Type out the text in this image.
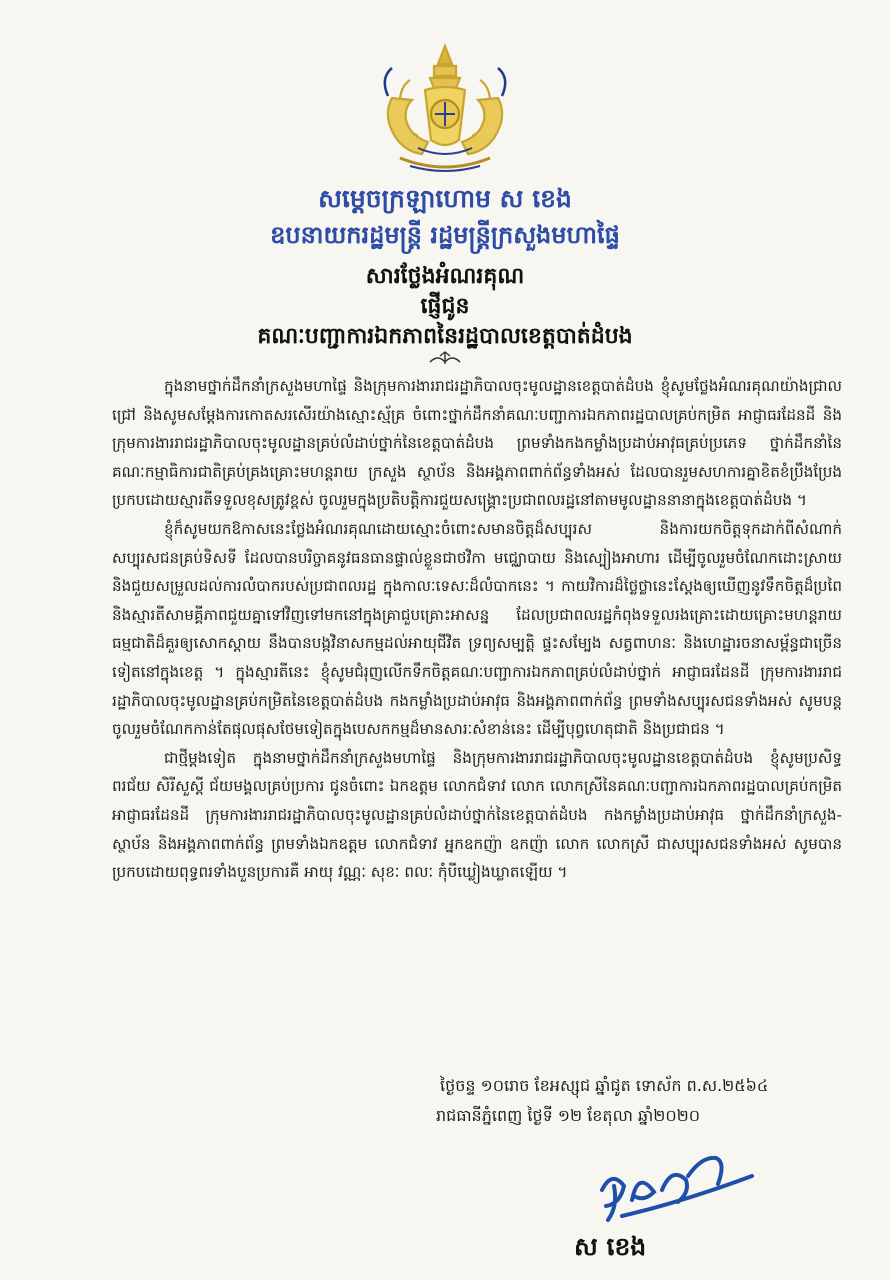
សម្តេចក្រឡាហោម ស ខេង
ឧបនាយករដ្ឋមន្ត្រី រដ្ឋមន្ត្រីក្រសួងមហាផ្ទៃ
សារថ្លែងអំណរគុណ
ផ្ញើជូន
គណៈបញ្ជាការឯកភាពនៃរដ្ឋបាលខេត្តបាត់ដំបង

ក្នុងនាមថ្នាក់ដឹកនាំក្រសួងមហាផ្ទៃ និងក្រុមការងាររាជរដ្ឋាភិបាលចុះមូលដ្ឋានខេត្តបាត់ដំបង ខ្ញុំសូមថ្លែងអំណរគុណយ៉ាងជ្រាលជ្រៅ និងសូមសម្តែងការកោតសរសើរយ៉ាងស្មោះស្ម័គ្រ ចំពោះថ្នាក់ដឹកនាំគណៈបញ្ជាការឯកភាពរដ្ឋបាលគ្រប់កម្រិត អាជ្ញាធរដែនដី និងក្រុមការងាររាជរដ្ឋាភិបាលចុះមូលដ្ឋានគ្រប់លំដាប់ថ្នាក់នៃខេត្តបាត់ដំបង ព្រមទាំងកងកម្លាំងប្រដាប់អាវុធគ្រប់ប្រភេទ ថ្នាក់ដឹកនាំនៃគណៈកម្មាធិការជាតិគ្រប់គ្រងគ្រោះមហន្តរាយ ក្រសួង ស្ថាប័ន និងអង្គភាពពាក់ព័ន្ធទាំងអស់ ដែលបានរួមសហការគ្នាខិតខំប្រឹងប្រែងប្រកបដោយស្មារតីទទួលខុសត្រូវខ្ពស់ ចូលរួមក្នុងប្រតិបត្តិការជួយសង្គ្រោះប្រជាពលរដ្ឋនៅតាមមូលដ្ឋាននានាក្នុងខេត្តបាត់ដំបង ។

ខ្ញុំក៏សូមយកឱកាសនេះថ្លែងអំណរគុណដោយស្មោះចំពោះសមានចិត្តដ៏សប្បុរស និងការយកចិត្តទុកដាក់ពីសំណាក់សប្បុរសជនគ្រប់ទិសទី ដែលបានបរិច្ចាគនូវធនធានផ្ទាល់ខ្លួនជាថវិកា មជ្ឈោបាយ និងស្បៀងអាហារ ដើម្បីចូលរួមចំណែកដោះស្រាយ និងជួយសម្រួលដល់ការលំបាករបស់ប្រជាពលរដ្ឋ ក្នុងកាលៈទេសៈដ៏លំបាកនេះ ។ កាយវិការដ៏ថ្លៃថ្លានេះស្តែងឲ្យឃើញនូវទឹកចិត្តដ៏ប្រពៃ និងស្មារតីសាមគ្គីភាពជួយគ្នាទៅវិញទៅមកនៅក្នុងគ្រាជួបគ្រោះអាសន្ន ដែលប្រជាពលរដ្ឋកំពុងទទួលរងគ្រោះដោយគ្រោះមហន្តរាយធម្មជាតិដ៏គួរឲ្យសោកស្តាយ នឹងបានបង្កវិនាសកម្មដល់អាយុជីវិត ទ្រព្យសម្បត្តិ ផ្ទះសម្បែង សត្វពាហនៈ និងហេដ្ឋារចនាសម្ព័ន្ធជាច្រើនទៀតនៅក្នុងខេត្ត ។ ក្នុងស្មារតីនេះ ខ្ញុំសូមជំរុញលើកទឹកចិត្តគណៈបញ្ជាការឯកភាពគ្រប់លំដាប់ថ្នាក់ អាជ្ញាធរដែនដី ក្រុមការងាររាជរដ្ឋាភិបាលចុះមូលដ្ឋានគ្រប់កម្រិតនៃខេត្តបាត់ដំបង កងកម្លាំងប្រដាប់អាវុធ និងអង្គភាពពាក់ព័ន្ធ ព្រមទាំងសប្បុរសជនទាំងអស់ សូមបន្តចូលរួមចំណែកកាន់តែផុលផុសថែមទៀតក្នុងបេសកកម្មដ៏មានសារៈសំខាន់នេះ ដើម្បីបុព្វហេតុជាតិ និងប្រជាជន ។

ជាថ្មីម្តងទៀត ក្នុងនាមថ្នាក់ដឹកនាំក្រសួងមហាផ្ទៃ និងក្រុមការងាររាជរដ្ឋាភិបាលចុះមូលដ្ឋានខេត្តបាត់ដំបង ខ្ញុំសូមប្រសិទ្ធពរជ័យ សិរីសួស្តី ជ័យមង្គលគ្រប់ប្រការ ជូនចំពោះ ឯកឧត្តម លោកជំទាវ លោក លោកស្រីនៃគណៈបញ្ជាការឯកភាពរដ្ឋបាលគ្រប់កម្រិត អាជ្ញាធរដែនដី ក្រុមការងាររាជរដ្ឋាភិបាលចុះមូលដ្ឋានគ្រប់លំដាប់ថ្នាក់នៃខេត្តបាត់ដំបង កងកម្លាំងប្រដាប់អាវុធ ថ្នាក់ដឹកនាំក្រសួង-ស្ថាប័ន និងអង្គភាពពាក់ព័ន្ធ ព្រមទាំងឯកឧត្តម លោកជំទាវ អ្នកឧកញ៉ា ឧកញ៉ា លោក លោកស្រី ជាសប្បុរសជនទាំងអស់ សូមបានប្រកបដោយពុទ្ធពរទាំងបួនប្រការគឺ អាយុ វណ្ណៈ សុខៈ ពលៈ កុំបីឃ្លៀងឃ្លាតឡើយ ។

ថ្ងៃចន្ទ ១០រោច ខែអស្សុជ ឆ្នាំជូត ទោស័ក ព.ស.២៥៦៤
រាជធានីភ្នំពេញ ថ្ងៃទី ១២ ខែតុលា ឆ្នាំ២០២០
ស ខេង
